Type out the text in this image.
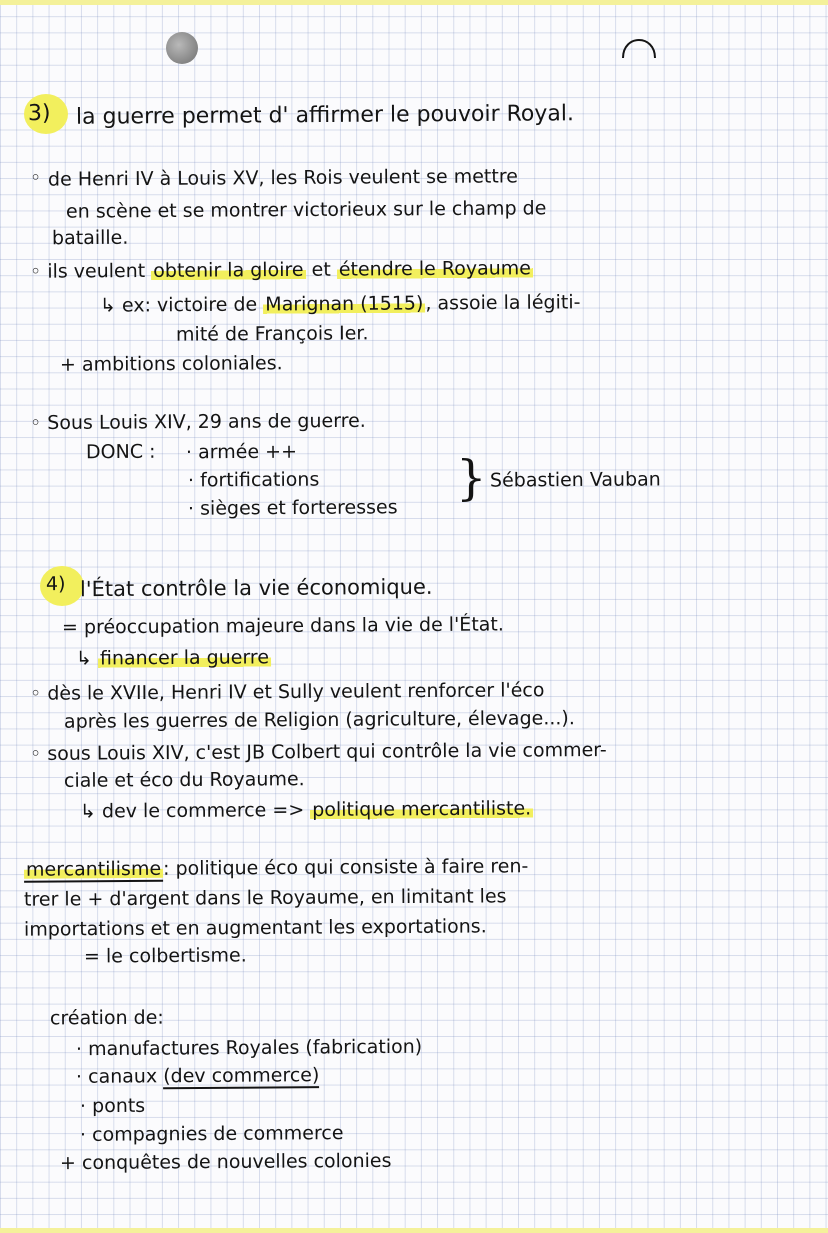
3) la guerre permet d' affirmer le pouvoir Royal.
◦ de Henri IV à Louis XV, les Rois veulent se mettre
en scène et se montrer victorieux sur le champ de
bataille.
◦ ils veulent obtenir la gloire et étendre le Royaume
↳ ex: victoire de Marignan (1515), assoie la légiti-
mité de François Ier.
+ ambitions coloniales.
◦ Sous Louis XIV, 29 ans de guerre.
DONC : · armée ++
· fortifications
· sièges et forteresses
} Sébastien Vauban
4) l'État contrôle la vie économique.
= préoccupation majeure dans la vie de l'État.
↳ financer la guerre
◦ dès le XVIIe, Henri IV et Sully veulent renforcer l'éco
après les guerres de Religion (agriculture, élevage...).
◦ sous Louis XIV, c'est JB Colbert qui contrôle la vie commer-
ciale et éco du Royaume.
↳ dev le commerce => politique mercantiliste.
mercantilisme: politique éco qui consiste à faire ren-
trer le + d'argent dans le Royaume, en limitant les
importations et en augmentant les exportations.
= le colbertisme.
création de:
· manufactures Royales (fabrication)
· canaux (dev commerce)
· ponts
· compagnies de commerce
+ conquêtes de nouvelles colonies
